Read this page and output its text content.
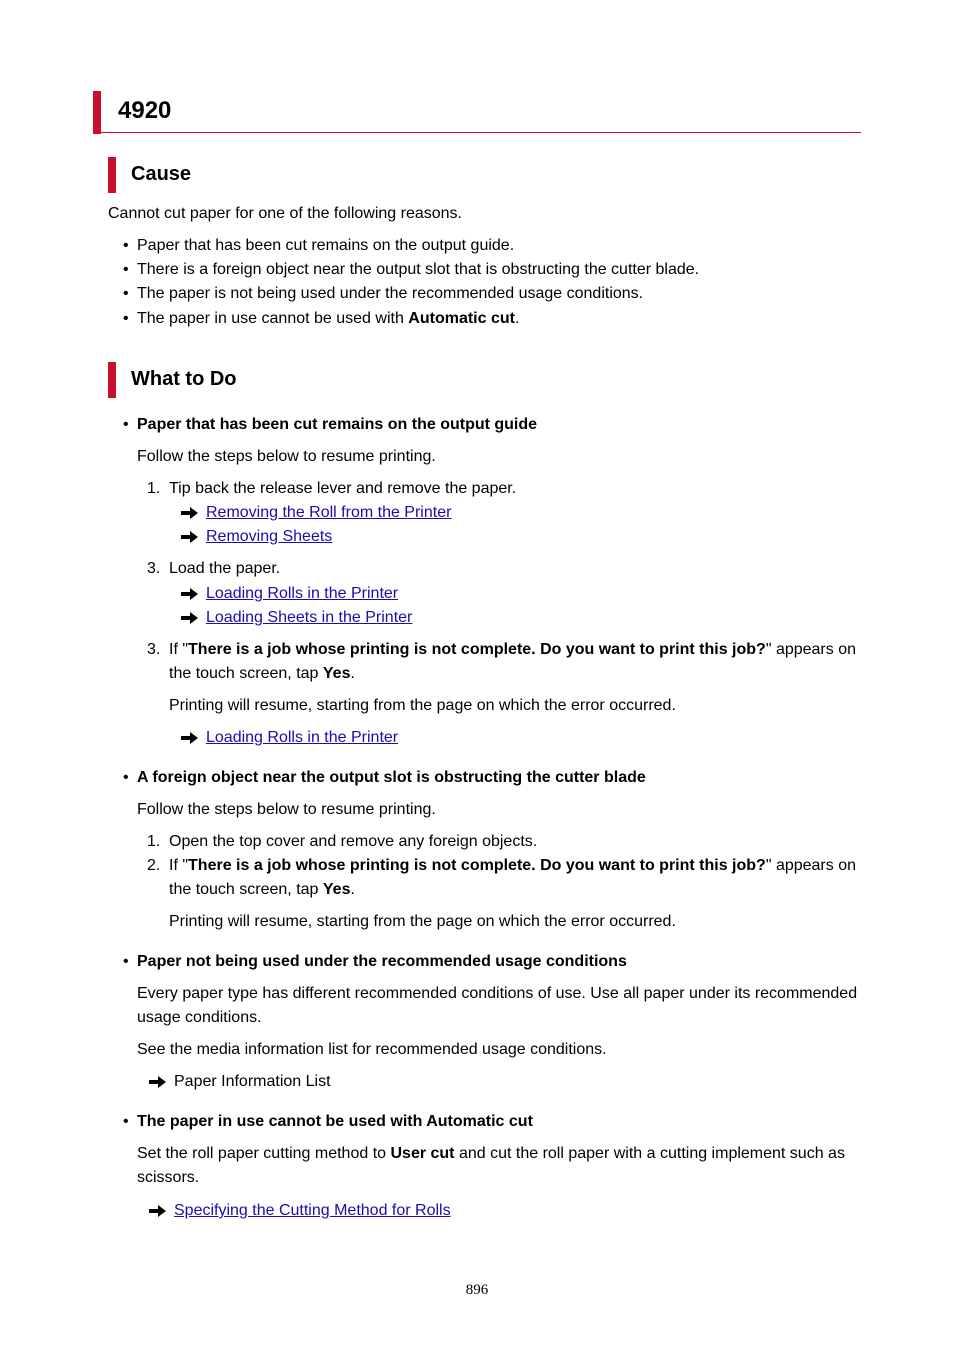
4920
Cause
Cannot cut paper for one of the following reasons.
• Paper that has been cut remains on the output guide.
• There is a foreign object near the output slot that is obstructing the cutter blade.
• The paper is not being used under the recommended usage conditions.
• The paper in use cannot be used with Automatic cut.
What to Do
• Paper that has been cut remains on the output guide
Follow the steps below to resume printing.
1. Tip back the release lever and remove the paper.
Removing the Roll from the Printer
Removing Sheets
3. Load the paper.
Loading Rolls in the Printer
Loading Sheets in the Printer
3. If "There is a job whose printing is not complete. Do you want to print this job?" appears on
the touch screen, tap Yes.
Printing will resume, starting from the page on which the error occurred.
Loading Rolls in the Printer
• A foreign object near the output slot is obstructing the cutter blade
Follow the steps below to resume printing.
1. Open the top cover and remove any foreign objects.
2. If "There is a job whose printing is not complete. Do you want to print this job?" appears on
the touch screen, tap Yes.
Printing will resume, starting from the page on which the error occurred.
• Paper not being used under the recommended usage conditions
Every paper type has different recommended conditions of use. Use all paper under its recommended
usage conditions.
See the media information list for recommended usage conditions.
Paper Information List
• The paper in use cannot be used with Automatic cut
Set the roll paper cutting method to User cut and cut the roll paper with a cutting implement such as
scissors.
Specifying the Cutting Method for Rolls
896
